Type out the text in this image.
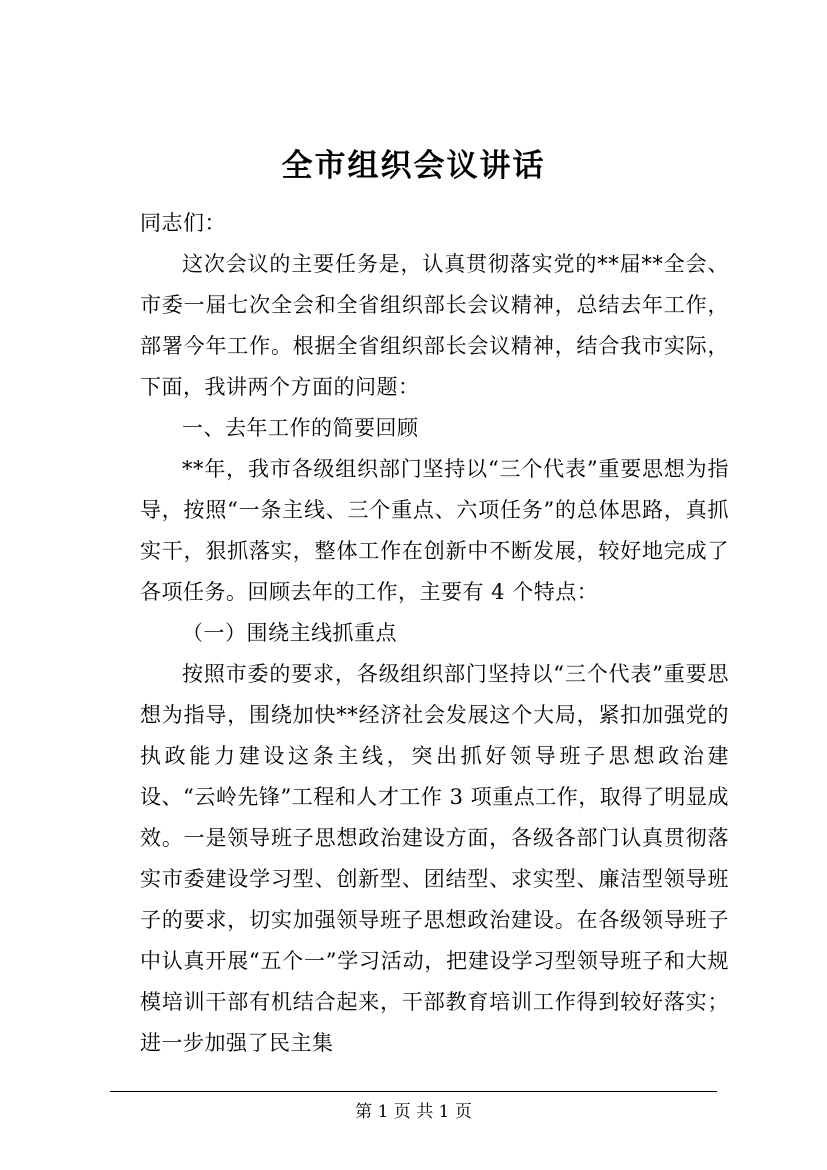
全市组织会议讲话

同志们：

这次会议的主要任务是，认真贯彻落实党的**届**全会、市委一届七次全会和全省组织部长会议精神，总结去年工作，部署今年工作。根据全省组织部长会议精神，结合我市实际，下面，我讲两个方面的问题：

一、去年工作的简要回顾

**年，我市各级组织部门坚持以“三个代表”重要思想为指导，按照“一条主线、三个重点、六项任务”的总体思路，真抓实干，狠抓落实，整体工作在创新中不断发展，较好地完成了各项任务。回顾去年的工作，主要有 4 个特点：

（一）围绕主线抓重点

按照市委的要求，各级组织部门坚持以“三个代表”重要思想为指导，围绕加快**经济社会发展这个大局，紧扣加强党的执政能力建设这条主线，突出抓好领导班子思想政治建设、“云岭先锋”工程和人才工作 3 项重点工作，取得了明显成效。一是领导班子思想政治建设方面，各级各部门认真贯彻落实市委建设学习型、创新型、团结型、求实型、廉洁型领导班子的要求，切实加强领导班子思想政治建设。在各级领导班子中认真开展“五个一”学习活动，把建设学习型领导班子和大规模培训干部有机结合起来，干部教育培训工作得到较好落实；进一步加强了民主集

第 1 页 共 1 页
